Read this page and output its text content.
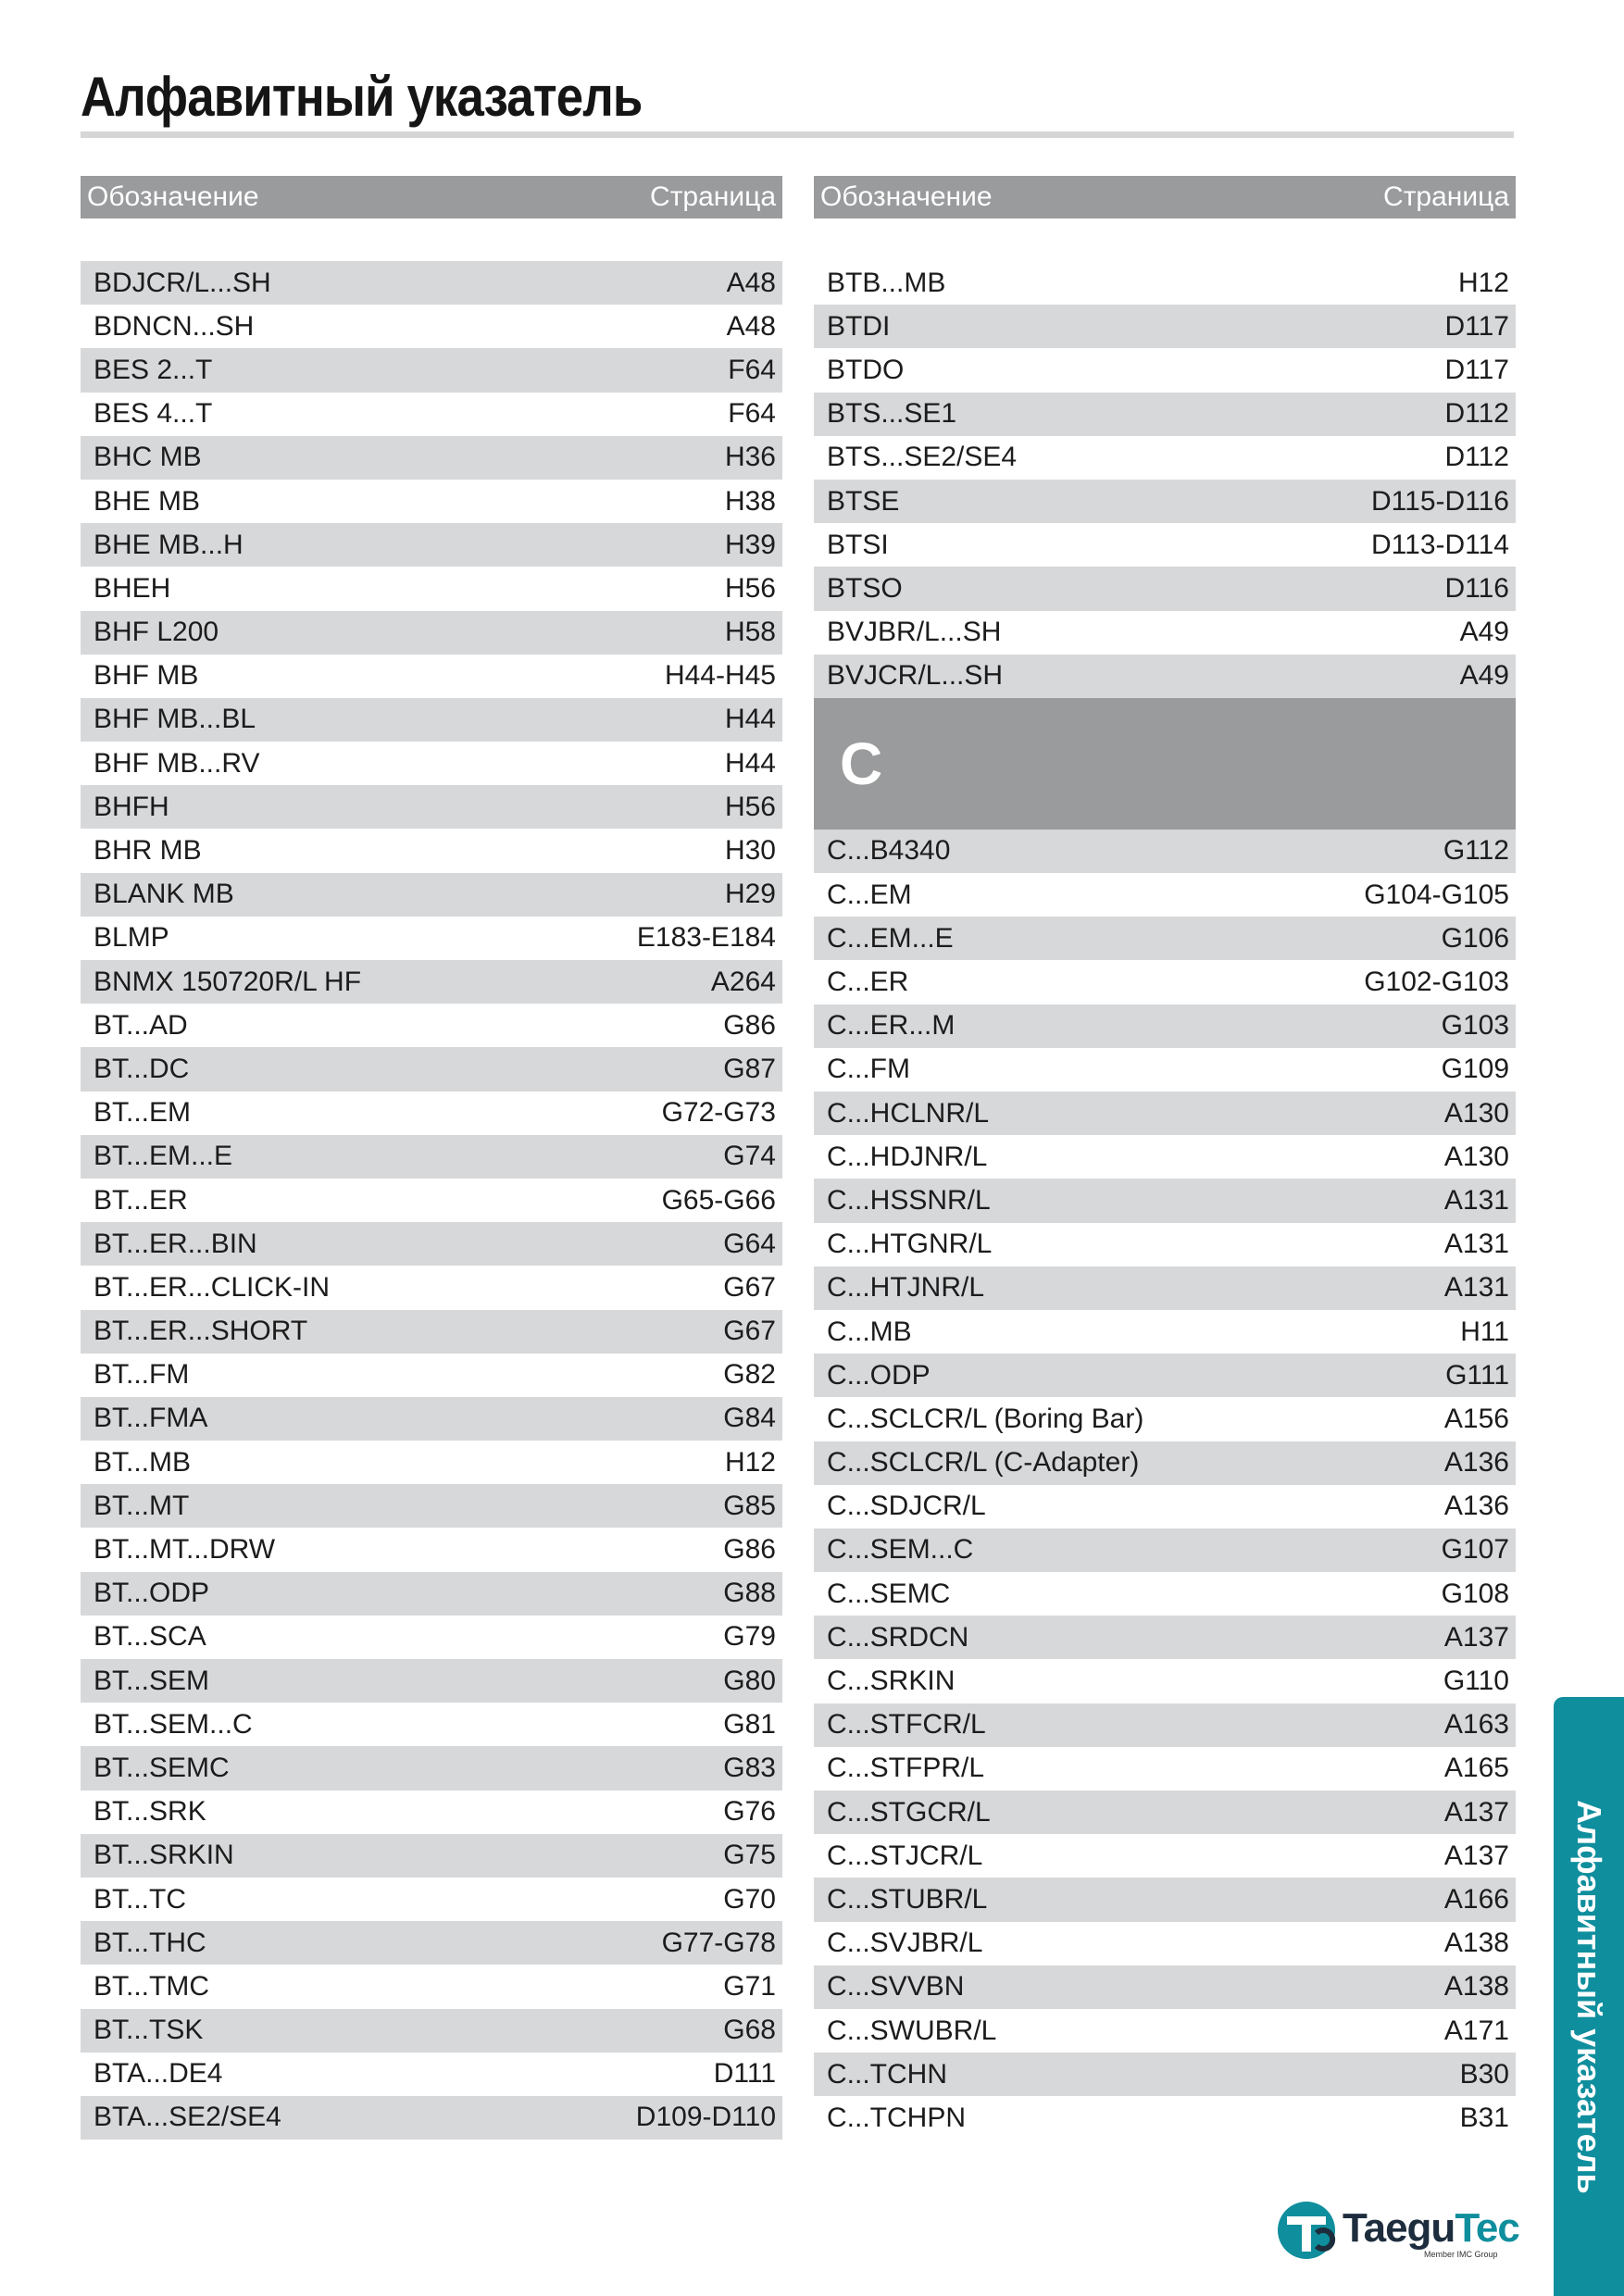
Алфавитный указатель
Обозначение	Страница
BDJCR/L...SH	A48
BDNCN...SH	A48
BES 2...T	F64
BES 4...T	F64
BHC MB	H36
BHE MB	H38
BHE MB...H	H39
BHEH	H56
BHF L200	H58
BHF MB	H44-H45
BHF MB...BL	H44
BHF MB...RV	H44
BHFH	H56
BHR MB	H30
BLANK MB	H29
BLMP	E183-E184
BNMX 150720R/L HF	A264
BT...AD	G86
BT...DC	G87
BT...EM	G72-G73
BT...EM...E	G74
BT...ER	G65-G66
BT...ER...BIN	G64
BT...ER...CLICK-IN	G67
BT...ER...SHORT	G67
BT...FM	G82
BT...FMA	G84
BT...MB	H12
BT...MT	G85
BT...MT...DRW	G86
BT...ODP	G88
BT...SCA	G79
BT...SEM	G80
BT...SEM...C	G81
BT...SEMC	G83
BT...SRK	G76
BT...SRKIN	G75
BT...TC	G70
BT...THC	G77-G78
BT...TMC	G71
BT...TSK	G68
BTA...DE4	D111
BTA...SE2/SE4	D109-D110
Обозначение	Страница
BTB...MB	H12
BTDI	D117
BTDO	D117
BTS...SE1	D112
BTS...SE2/SE4	D112
BTSE	D115-D116
BTSI	D113-D114
BTSO	D116
BVJBR/L...SH	A49
BVJCR/L...SH	A49
C
C...B4340	G112
C...EM	G104-G105
C...EM...E	G106
C...ER	G102-G103
C...ER...M	G103
C...FM	G109
C...HCLNR/L	A130
C...HDJNR/L	A130
C...HSSNR/L	A131
C...HTGNR/L	A131
C...HTJNR/L	A131
C...MB	H11
C...ODP	G111
C...SCLCR/L (Boring Bar)	A156
C...SCLCR/L (C-Adapter)	A136
C...SDJCR/L	A136
C...SEM...C	G107
C...SEMC	G108
C...SRDCN	A137
C...SRKIN	G110
C...STFCR/L	A163
C...STFPR/L	A165
C...STGCR/L	A137
C...STJCR/L	A137
C...STUBR/L	A166
C...SVJBR/L	A138
C...SVVBN	A138
C...SWUBR/L	A171
C...TCHN	B30
C...TCHPN	B31 Алфавитный указатель
TaeguTec
Member IMC Group
